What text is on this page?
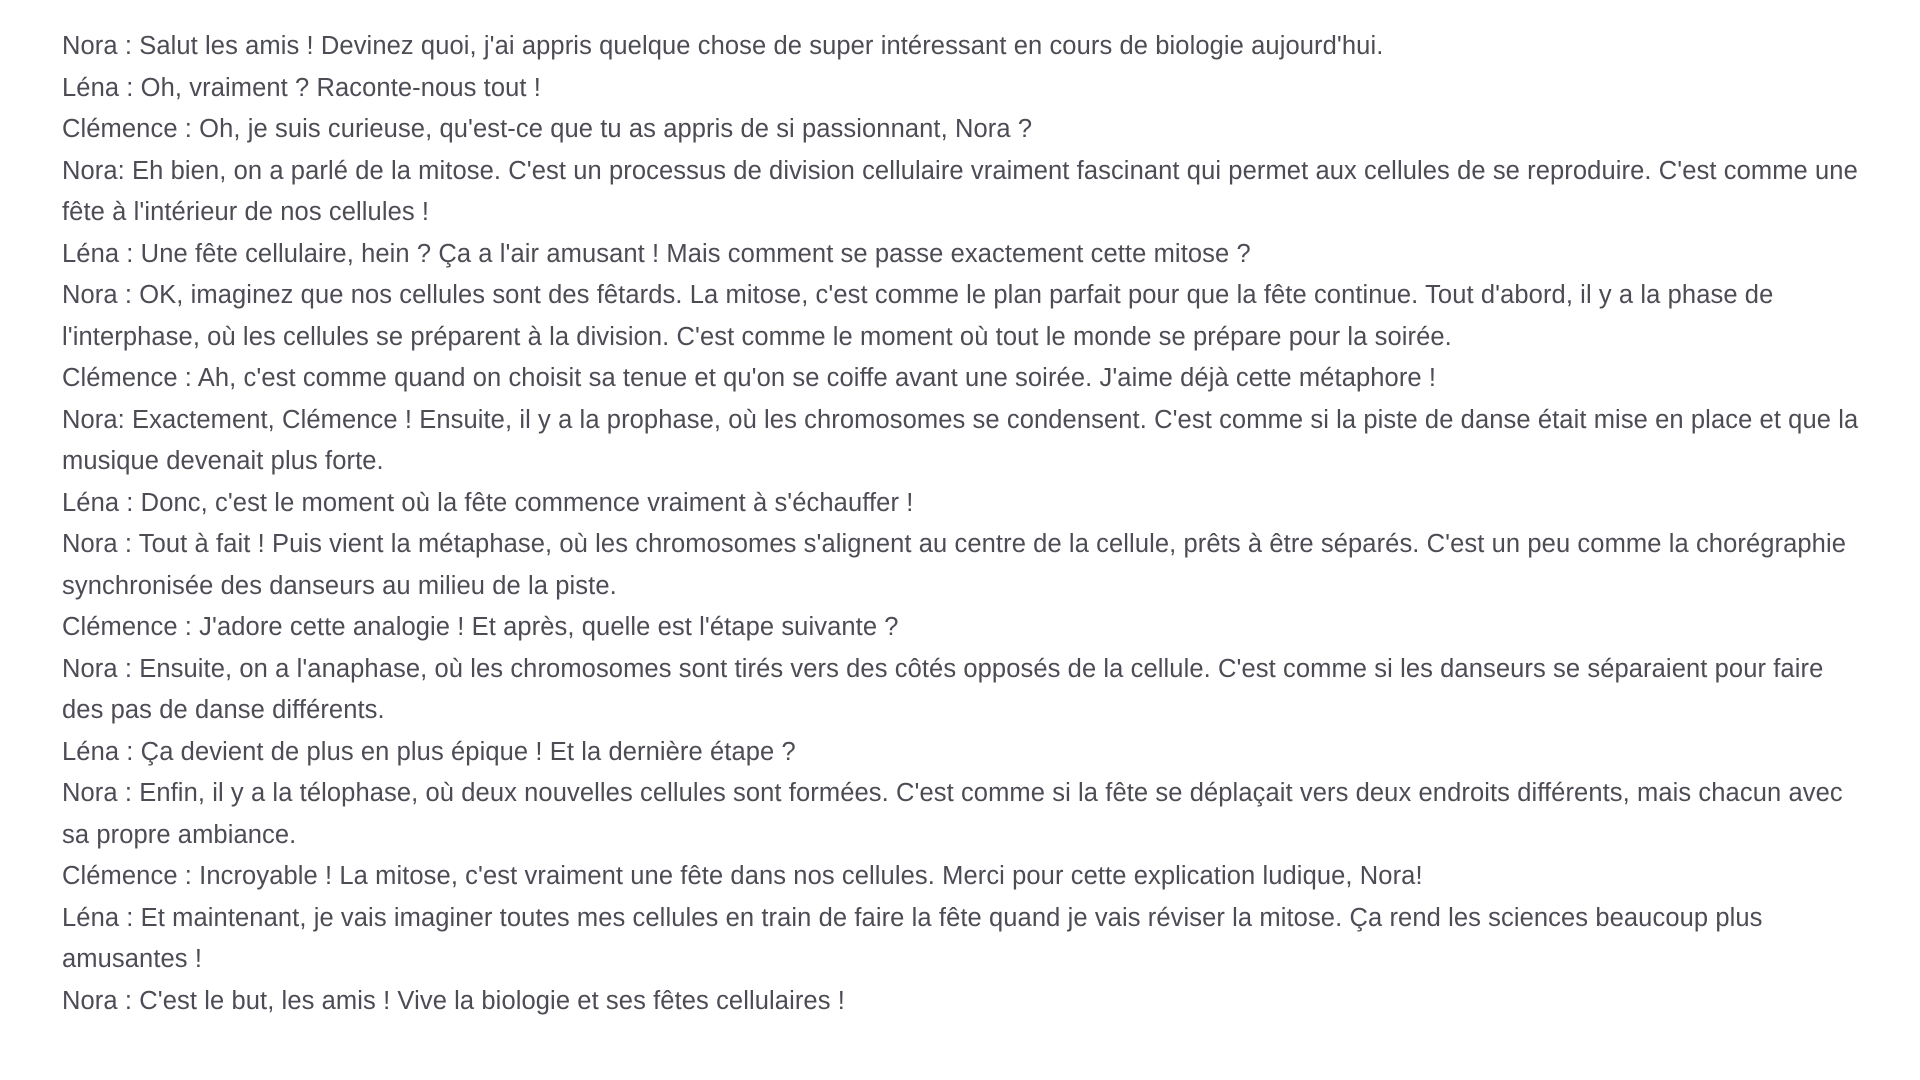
Nora : Salut les amis ! Devinez quoi, j'ai appris quelque chose de super intéressant en cours de biologie aujourd'hui.

Léna : Oh, vraiment ? Raconte-nous tout !

Clémence : Oh, je suis curieuse, qu'est-ce que tu as appris de si passionnant, Nora ?

Nora: Eh bien, on a parlé de la mitose. C'est un processus de division cellulaire vraiment fascinant qui permet aux cellules de se reproduire. C'est comme une fête à l'intérieur de nos cellules !

Léna : Une fête cellulaire, hein ? Ça a l'air amusant ! Mais comment se passe exactement cette mitose ?

Nora : OK, imaginez que nos cellules sont des fêtards. La mitose, c'est comme le plan parfait pour que la fête continue. Tout d'abord, il y a la phase de l'interphase, où les cellules se préparent à la division. C'est comme le moment où tout le monde se prépare pour la soirée.

Clémence : Ah, c'est comme quand on choisit sa tenue et qu'on se coiffe avant une soirée. J'aime déjà cette métaphore !

Nora: Exactement, Clémence ! Ensuite, il y a la prophase, où les chromosomes se condensent. C'est comme si la piste de danse était mise en place et que la musique devenait plus forte.

Léna : Donc, c'est le moment où la fête commence vraiment à s'échauffer !

Nora : Tout à fait ! Puis vient la métaphase, où les chromosomes s'alignent au centre de la cellule, prêts à être séparés. C'est un peu comme la chorégraphie synchronisée des danseurs au milieu de la piste.

Clémence : J'adore cette analogie ! Et après, quelle est l'étape suivante ?

Nora : Ensuite, on a l'anaphase, où les chromosomes sont tirés vers des côtés opposés de la cellule. C'est comme si les danseurs se séparaient pour faire des pas de danse différents.

Léna : Ça devient de plus en plus épique ! Et la dernière étape ?

Nora : Enfin, il y a la télophase, où deux nouvelles cellules sont formées. C'est comme si la fête se déplaçait vers deux endroits différents, mais chacun avec sa propre ambiance.

Clémence : Incroyable ! La mitose, c'est vraiment une fête dans nos cellules. Merci pour cette explication ludique, Nora!

Léna : Et maintenant, je vais imaginer toutes mes cellules en train de faire la fête quand je vais réviser la mitose. Ça rend les sciences beaucoup plus amusantes !

Nora : C'est le but, les amis ! Vive la biologie et ses fêtes cellulaires !
